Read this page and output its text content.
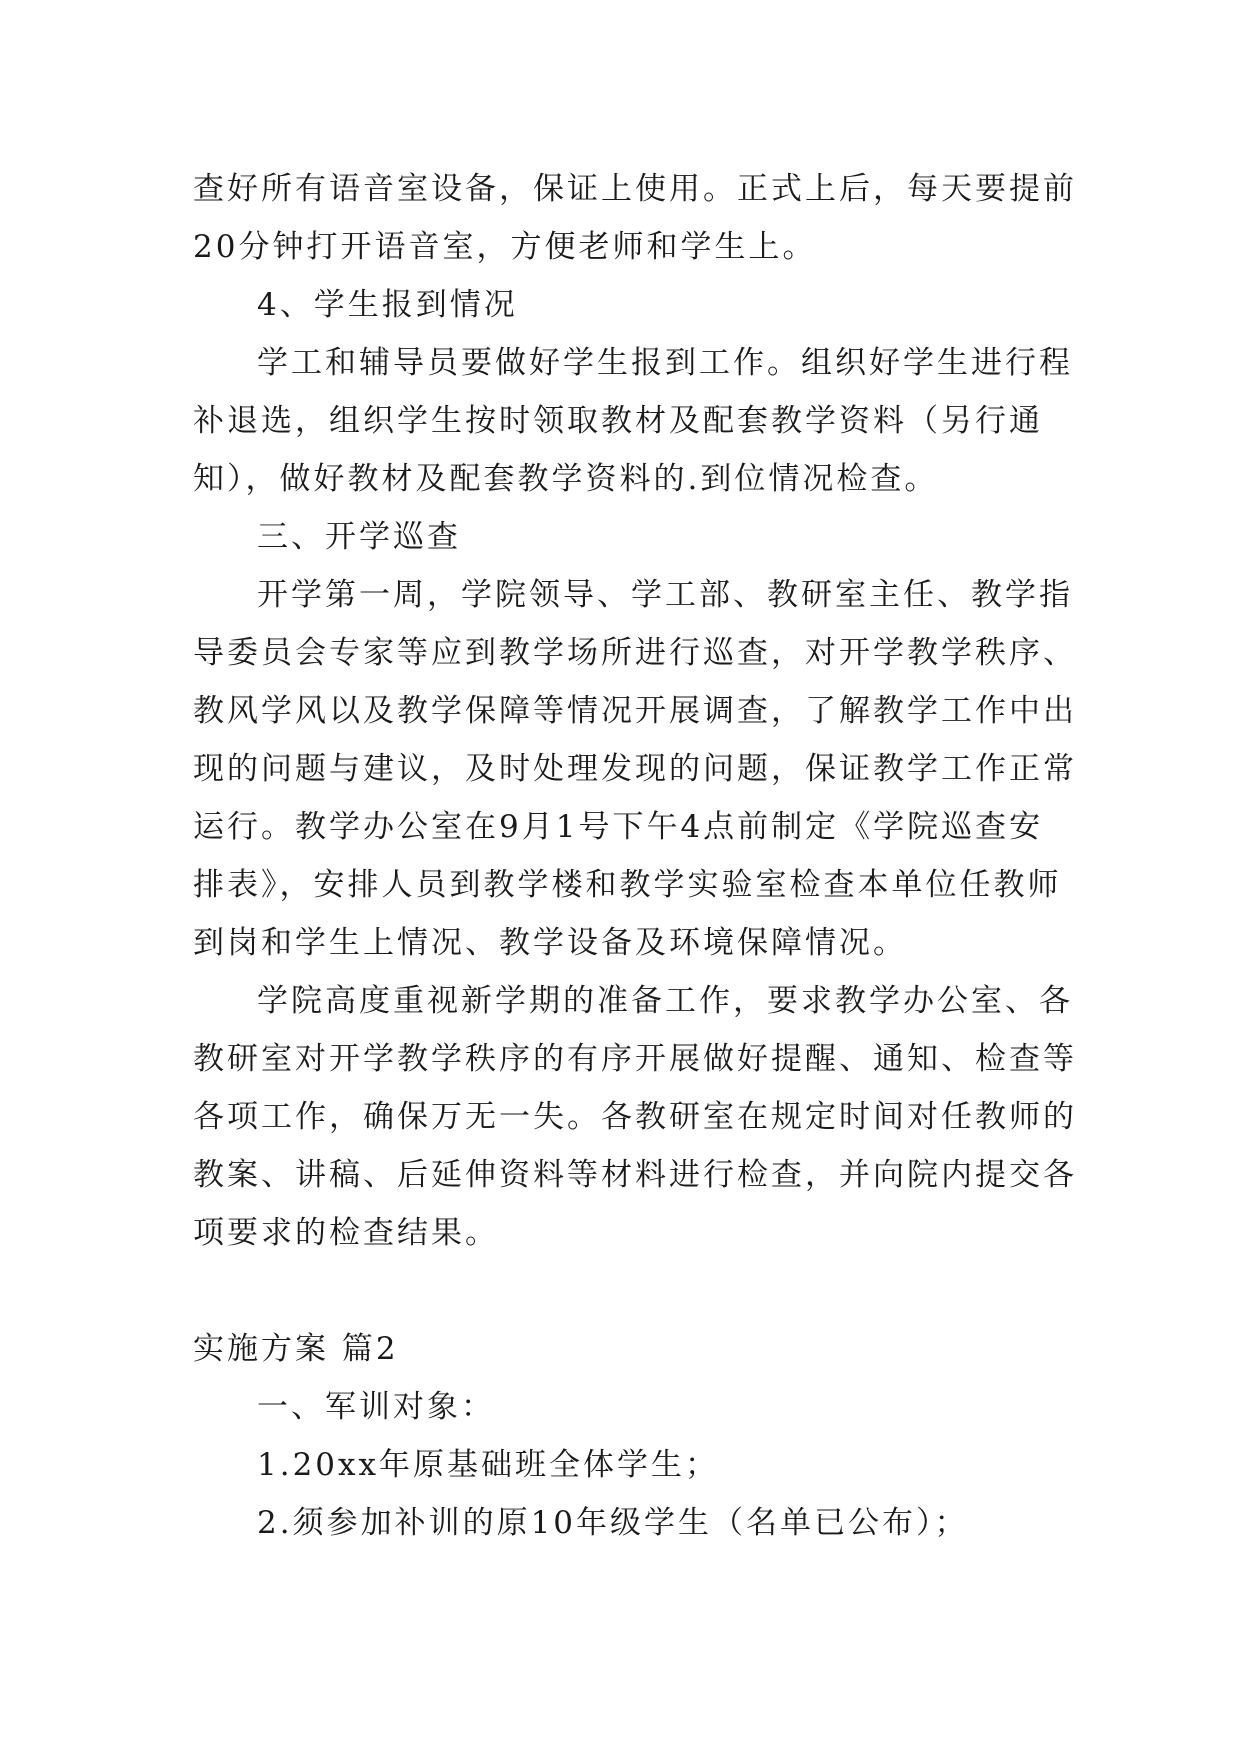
查好所有语音室设备，保证上使用。正式上后，每天要提前
20分钟打开语音室，方便老师和学生上。
4、学生报到情况
学工和辅导员要做好学生报到工作。组织好学生进行程
补退选，组织学生按时领取教材及配套教学资料（另行通
知），做好教材及配套教学资料的.到位情况检查。
三、开学巡查
开学第一周，学院领导、学工部、教研室主任、教学指
导委员会专家等应到教学场所进行巡查，对开学教学秩序、
教风学风以及教学保障等情况开展调查，了解教学工作中出
现的问题与建议，及时处理发现的问题，保证教学工作正常
运行。教学办公室在9月1号下午4点前制定《学院巡查安
排表》，安排人员到教学楼和教学实验室检查本单位任教师
到岗和学生上情况、教学设备及环境保障情况。
学院高度重视新学期的准备工作，要求教学办公室、各
教研室对开学教学秩序的有序开展做好提醒、通知、检查等
各项工作，确保万无一失。各教研室在规定时间对任教师的
教案、讲稿、后延伸资料等材料进行检查，并向院内提交各
项要求的检查结果。
实施方案 篇2
一、军训对象：
1.20xx年原基础班全体学生；
2.须参加补训的原10年级学生（名单已公布）；
